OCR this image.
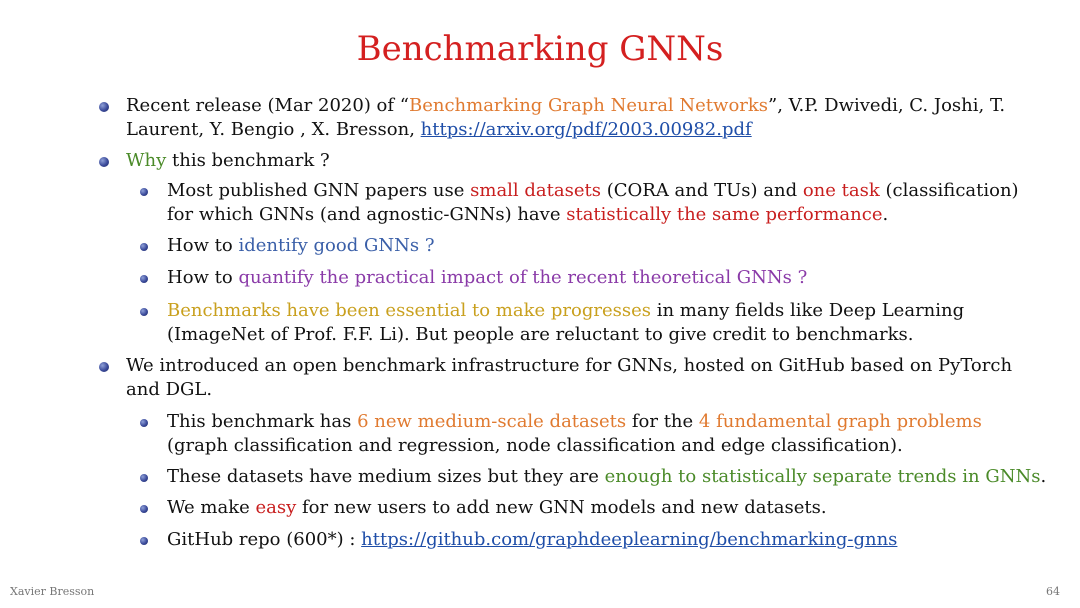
Benchmarking GNNs
Recent release (Mar 2020) of “Benchmarking Graph Neural Networks”, V.P. Dwivedi, C. Joshi, T. Laurent, Y. Bengio , X. Bresson, https://arxiv.org/pdf/2003.00982.pdf
Why this benchmark ?
Most published GNN papers use small datasets (CORA and TUs) and one task (classification) for which GNNs (and agnostic-GNNs) have statistically the same performance.
How to identify good GNNs ?
How to quantify the practical impact of the recent theoretical GNNs ?
Benchmarks have been essential to make progresses in many fields like Deep Learning (ImageNet of Prof. F.F. Li). But people are reluctant to give credit to benchmarks.
We introduced an open benchmark infrastructure for GNNs, hosted on GitHub based on PyTorch and DGL.
This benchmark has 6 new medium-scale datasets for the 4 fundamental graph problems (graph classification and regression, node classification and edge classification).
These datasets have medium sizes but they are enough to statistically separate trends in GNNs.
We make easy for new users to add new GNN models and new datasets.
GitHub repo (600*) : https://github.com/graphdeeplearning/benchmarking-gnns
Xavier Bresson	64
